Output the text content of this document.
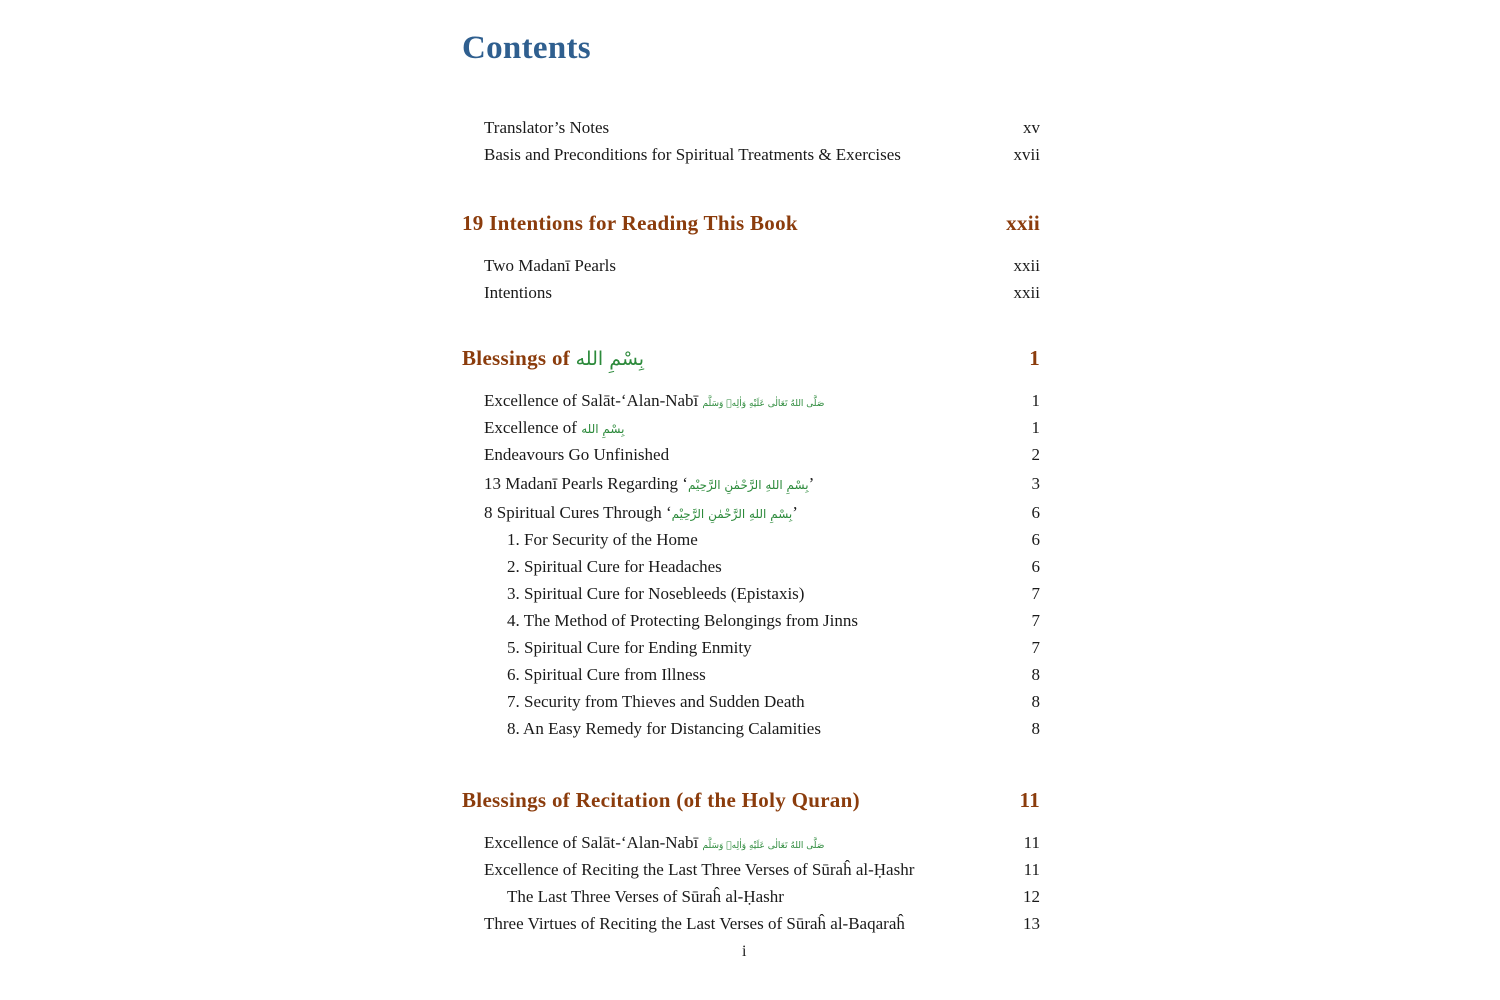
Contents
Translator’s Notes	xv
Basis and Preconditions for Spiritual Treatments & Exercises	xvii
19 Intentions for Reading This Book	xxii
Two Madanī Pearls	xxii
Intentions	xxii
Blessings of بِسْمِ الله	1
Excellence of Salāt-‘Alan-Nabī صَلَّى اللهُ تَعَالٰى عَلَيْهِ وَاٰلِهٖ وَسَلَّم	1
Excellence of بِسْمِ الله	1
Endeavours Go Unfinished	2
13 Madanī Pearls Regarding ‘بِسْمِ اللهِ الرَّحْمٰنِ الرَّحِيْم’	3
8 Spiritual Cures Through ‘بِسْمِ اللهِ الرَّحْمٰنِ الرَّحِيْم’	6
1. For Security of the Home	6
2. Spiritual Cure for Headaches	6
3. Spiritual Cure for Nosebleeds (Epistaxis)	7
4. The Method of Protecting Belongings from Jinns	7
5. Spiritual Cure for Ending Enmity	7
6. Spiritual Cure from Illness	8
7. Security from Thieves and Sudden Death	8
8. An Easy Remedy for Distancing Calamities	8
Blessings of Recitation (of the Holy Quran)	11
Excellence of Salāt-‘Alan-Nabī صَلَّى اللهُ تَعَالٰى عَلَيْهِ وَاٰلِهٖ وَسَلَّم	11
Excellence of Reciting the Last Three Verses of Sūraĥ al-Ḥashr	11
The Last Three Verses of Sūraĥ al-Ḥashr	12
Three Virtues of Reciting the Last Verses of Sūraĥ al-Baqaraĥ	13
i
